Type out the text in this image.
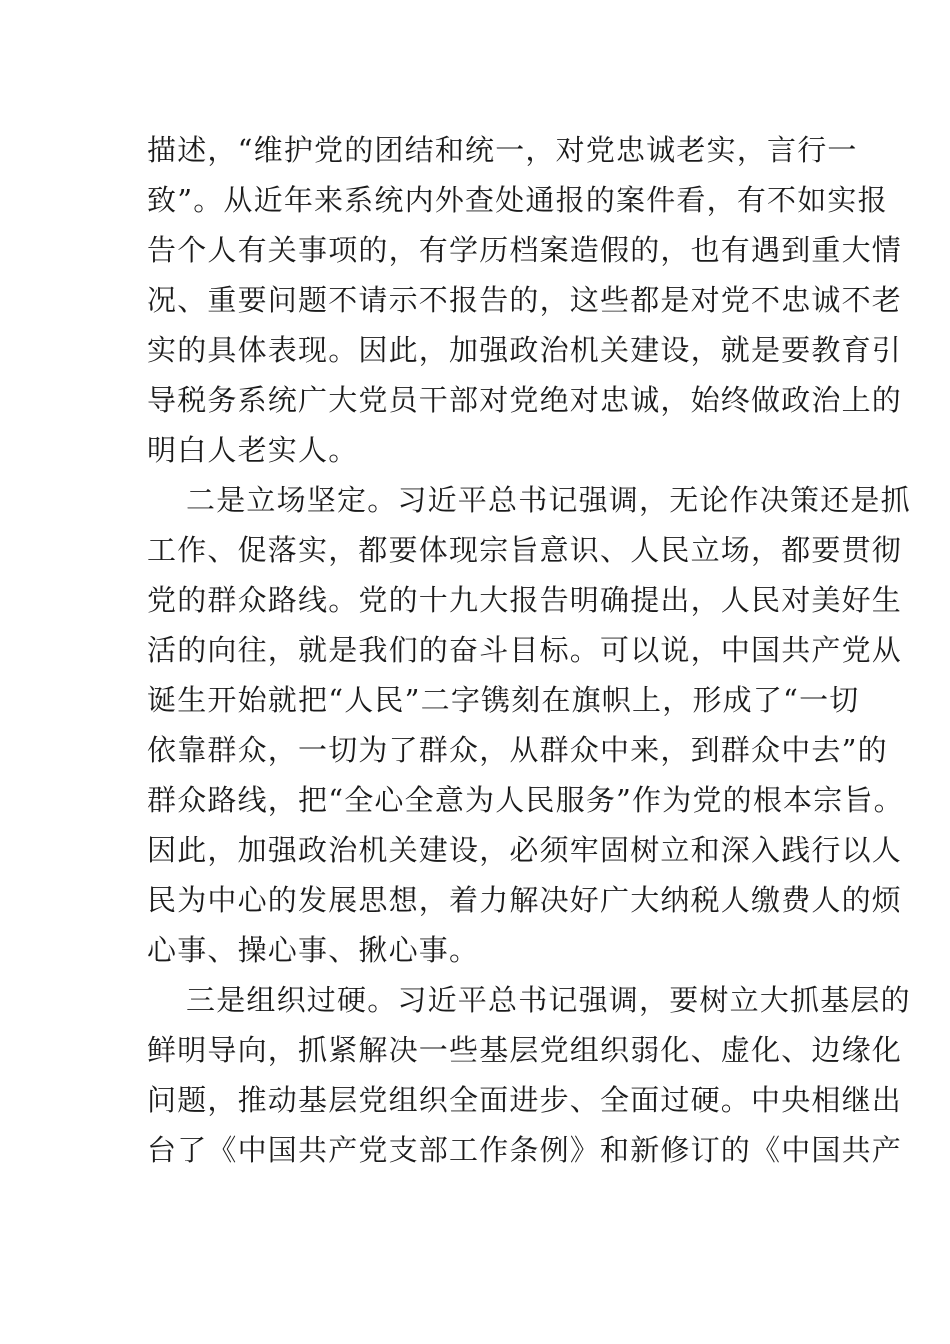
描述，“维护党的团结和统一，对党忠诚老实，言行一
致”。从近年来系统内外查处通报的案件看，有不如实报
告个人有关事项的，有学历档案造假的，也有遇到重大情
况、重要问题不请示不报告的，这些都是对党不忠诚不老
实的具体表现。因此，加强政治机关建设，就是要教育引
导税务系统广大党员干部对党绝对忠诚，始终做政治上的
明白人老实人。
二是立场坚定。习近平总书记强调，无论作决策还是抓
工作、促落实，都要体现宗旨意识、人民立场，都要贯彻
党的群众路线。党的十九大报告明确提出，人民对美好生
活的向往，就是我们的奋斗目标。可以说，中国共产党从
诞生开始就把“人民”二字镌刻在旗帜上，形成了“一切
依靠群众，一切为了群众，从群众中来，到群众中去”的
群众路线，把“全心全意为人民服务”作为党的根本宗旨。
因此，加强政治机关建设，必须牢固树立和深入践行以人
民为中心的发展思想，着力解决好广大纳税人缴费人的烦
心事、操心事、揪心事。
三是组织过硬。习近平总书记强调，要树立大抓基层的
鲜明导向，抓紧解决一些基层党组织弱化、虚化、边缘化
问题，推动基层党组织全面进步、全面过硬。中央相继出
台了《中国共产党支部工作条例》和新修订的《中国共产
